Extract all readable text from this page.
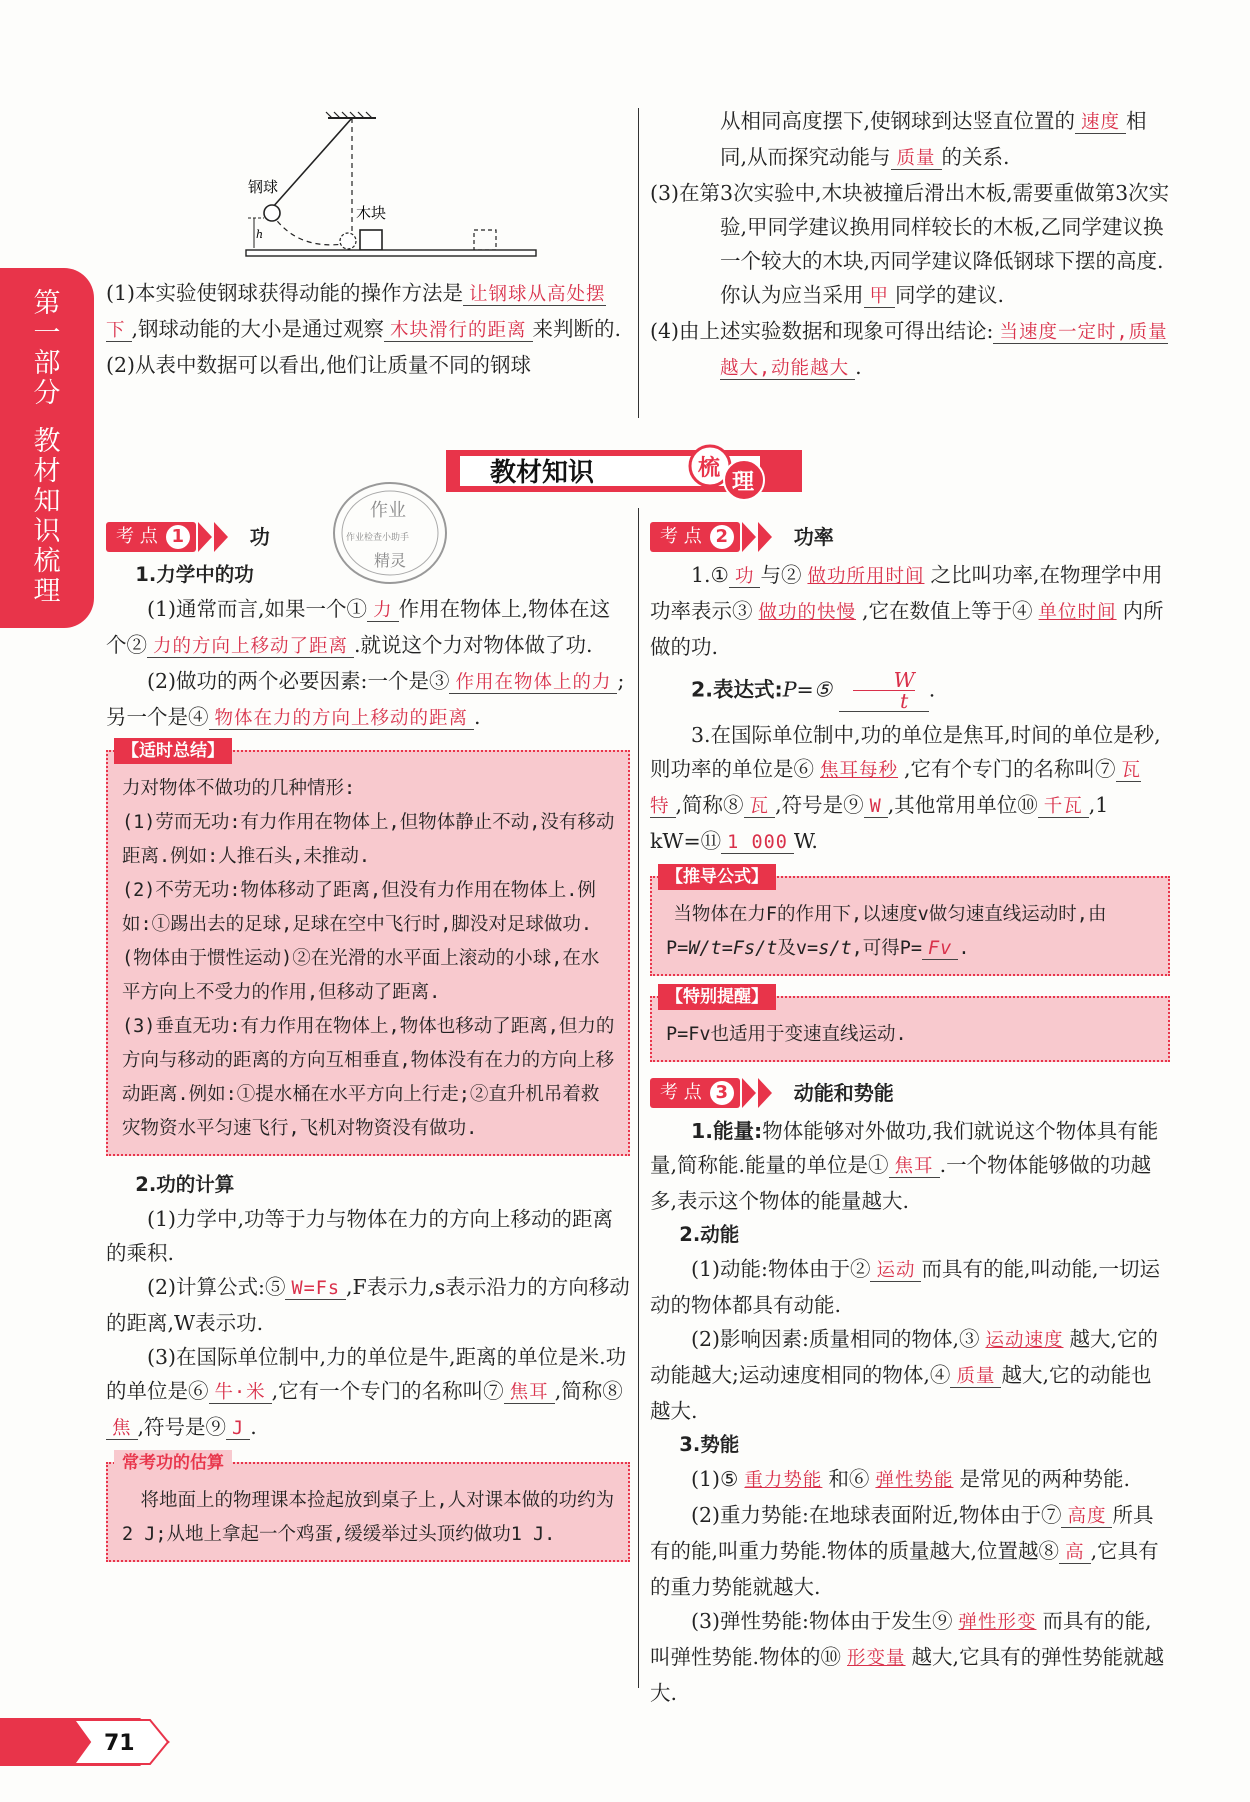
第一部分
教材知识梳理
h
钢球
木块

(1)本实验使钢球获得动能的操作方法是 让钢球从高处摆下 ,钢球动能的大小是通过观察 木块滑行的距离 来判断的.

(2)从表中数据可以看出,他们让质量不同的钢球

从相同高度摆下,使钢球到达竖直位置的 速度 相同,从而探究动能与 质量 的关系.

(3)在第3次实验中,木块被撞后滑出木板,需要重做第3次实验,甲同学建议换用同样较长的木板,乙同学建议换一个较大的木块,丙同学建议降低钢球下摆的高度.你认为应当采用 甲 同学的建议.

(4)由上述实验数据和现象可得出结论: 当速度一定时,质量越大,动能越大 .

教材知识	梳
理
作业
作业检查小助手
精灵
考 点 1	功

1.力学中的功

(1)通常而言,如果一个① 力 作用在物体上,物体在这个② 力的方向上移动了距离 .就说这个力对物体做了功.

(2)做功的两个必要因素:一个是③ 作用在物体上的力 ;另一个是④ 物体在力的方向上移动的距离 .

【适时总结】

力对物体不做功的几种情形:

(1)劳而无功:有力作用在物体上,但物体静止不动,没有移动距离.例如:人推石头,未推动.

(2)不劳无功:物体移动了距离,但没有力作用在物体上.例如:①踢出去的足球,足球在空中飞行时,脚没对足球做功.(物体由于惯性运动)②在光滑的水平面上滚动的小球,在水平方向上不受力的作用,但移动了距离.

(3)垂直无功:有力作用在物体上,物体也移动了距离,但力的方向与移动的距离的方向互相垂直,物体没有在力的方向上移动距离.例如:①提水桶在水平方向上行走;②直升机吊着救灾物资水平匀速飞行,飞机对物资没有做功.

2.功的计算

(1)力学中,功等于力与物体在力的方向上移动的距离的乘积.

(2)计算公式:⑤ W=Fs ,F表示力,s表示沿力的方向移动的距离,W表示功.

(3)在国际单位制中,力的单位是牛,距离的单位是米.功的单位是⑥ 牛·米 ,它有一个专门的名称叫⑦ 焦耳 ,简称⑧焦 ,符号是⑨ J .

常考功的估算

将地面上的物理课本捡起放到桌子上,人对课本做的功约为2 J;从地上拿起一个鸡蛋,缓缓举过头顶约做功1 J.

考 点 2	功率

1.① 功 与② 做功所用时间 之比叫功率,在物理学中用功率表示③ 做功的快慢 ,它在数值上等于④ 单位时间 内所做的功.

2.表达式:P=⑤ $\frac{W}{t}$ .

3.在国际单位制中,功的单位是焦耳,时间的单位是秒,则功率的单位是⑥ 焦耳每秒 ,它有个专门的名称叫⑦ 瓦特 ,简称⑧ 瓦 ,符号是⑨ W ,其他常用单位⑩ 千瓦 ,1 kW=⑪ 1 000 W.

【推导公式】

当物体在力F的作用下,以速度v做匀速直线运动时,由P=W/t=Fs/t及v=s/t,可得P= Fv .

【特别提醒】

P=Fv也适用于变速直线运动.

考 点 3	动能和势能

1.能量:物体能够对外做功,我们就说这个物体具有能量,简称能.能量的单位是① 焦耳 .一个物体能够做的功越多,表示这个物体的能量越大.

2.动能

(1)动能:物体由于② 运动 而具有的能,叫动能,一切运动的物体都具有动能.

(2)影响因素:质量相同的物体,③ 运动速度 越大,它的动能越大;运动速度相同的物体,④ 质量 越大,它的动能也越大.

3.势能

(1)⑤ 重力势能 和⑥ 弹性势能 是常见的两种势能.

(2)重力势能:在地球表面附近,物体由于⑦ 高度 所具有的能,叫重力势能.物体的质量越大,位置越⑧ 高 ,它具有的重力势能就越大.

(3)弹性势能:物体由于发生⑨ 弹性形变 而具有的能,叫弹性势能.物体的⑩ 形变量 越大,它具有的弹性势能就越大.

71
